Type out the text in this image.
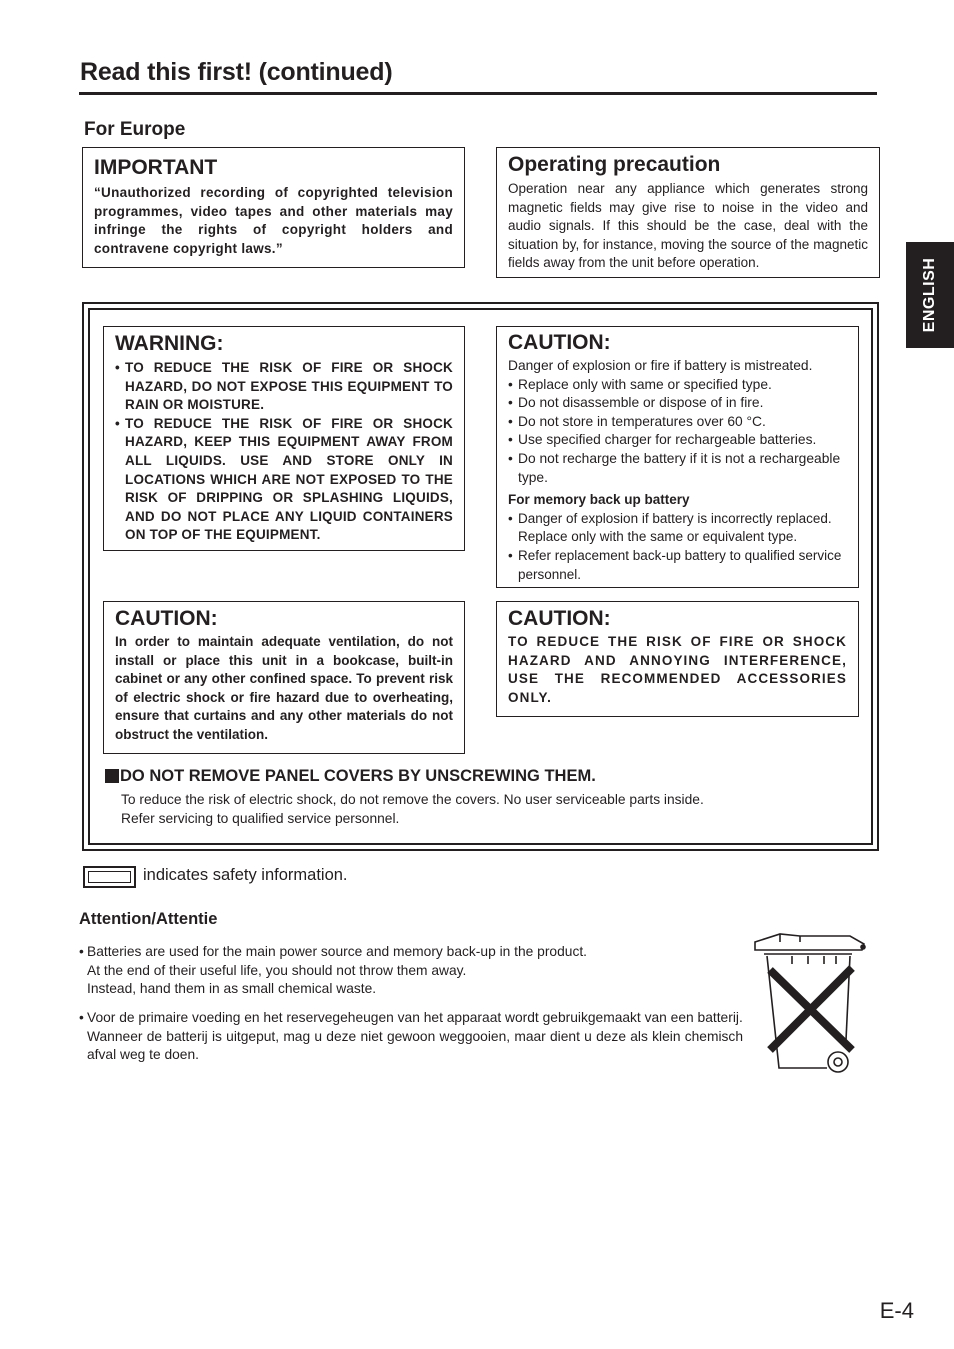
Read this first! (continued)
ENGLISH
For Europe
IMPORTANT
“Unauthorized recording of copyrighted television programmes, video tapes and other materials may infringe the rights of copyright holders and contravene copyright laws.”
Operating precaution
Operation near any appliance which generates strong magnetic fields may give rise to noise in the video and audio signals. If this should be the case, deal with the situation by, for instance, moving the source of the magnetic fields away from the unit before operation.
WARNING:
• TO REDUCE THE RISK OF FIRE OR SHOCK HAZARD, DO NOT EXPOSE THIS EQUIPMENT TO RAIN OR MOISTURE.
• TO REDUCE THE RISK OF FIRE OR SHOCK HAZARD, KEEP THIS EQUIPMENT AWAY FROM ALL LIQUIDS. USE AND STORE ONLY IN LOCATIONS WHICH ARE NOT EXPOSED TO THE RISK OF DRIPPING OR SPLASHING LIQUIDS, AND DO NOT PLACE ANY LIQUID CONTAINERS ON TOP OF THE EQUIPMENT.
CAUTION:
Danger of explosion or fire if battery is mistreated.
• Replace only with same or specified type.
• Do not disassemble or dispose of in fire.
• Do not store in temperatures over 60 °C.
• Use specified charger for rechargeable batteries.
• Do not recharge the battery if it is not a rechargeable type.
For memory back up battery
• Danger of explosion if battery is incorrectly replaced. Replace only with the same or equivalent type.
• Refer replacement back-up battery to qualified service personnel.
CAUTION:
In order to maintain adequate ventilation, do not install or place this unit in a bookcase, built-in cabinet or any other confined space. To prevent risk of electric shock or fire hazard due to overheating, ensure that curtains and any other materials do not obstruct the ventilation.
CAUTION:
TO REDUCE THE RISK OF FIRE OR SHOCK HAZARD AND ANNOYING INTERFERENCE, USE THE RECOMMENDED ACCESSORIES ONLY.
DO NOT REMOVE PANEL COVERS BY UNSCREWING THEM.
To reduce the risk of electric shock, do not remove the covers. No user serviceable parts inside.
Refer servicing to qualified service personnel.
indicates safety information.
Attention/Attentie
• Batteries are used for the main power source and memory back-up in the product.
At the end of their useful life, you should not throw them away.
Instead, hand them in as small chemical waste.
• Voor de primaire voeding en het reservegeheugen van het apparaat wordt gebruikgemaakt van een batterij.
Wanneer de batterij is uitgeput, mag u deze niet gewoon weggooien, maar dient u deze als klein chemisch afval weg te doen.
E-4
